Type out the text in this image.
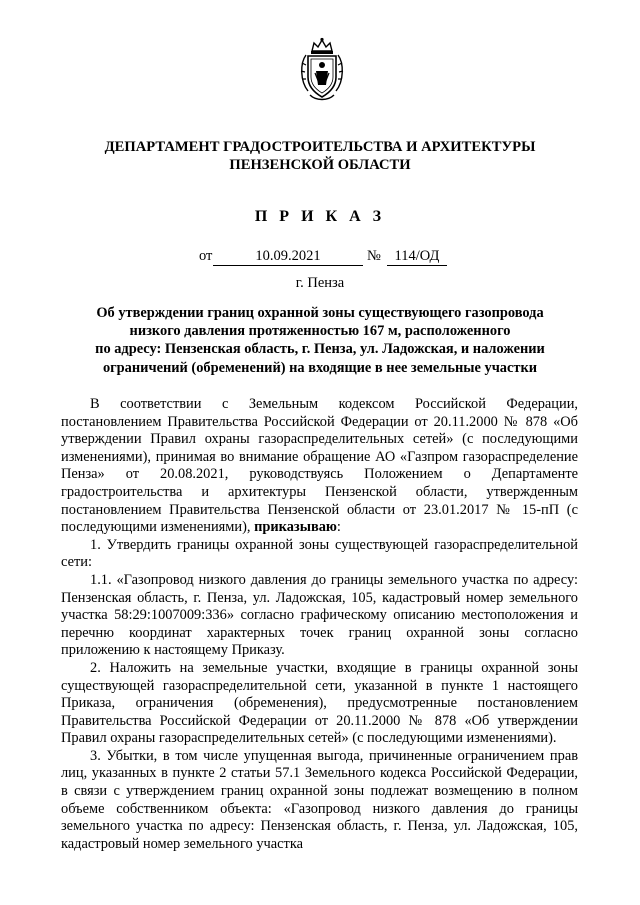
ДЕПАРТАМЕНТ ГРАДОСТРОИТЕЛЬСТВА И АРХИТЕКТУРЫ
ПЕНЗЕНСКОЙ ОБЛАСТИ
П Р И К А З
от	10.09.2021	№ 114/ОД
г. Пенза
Об утверждении границ охранной зоны существующего газопровода
низкого давления протяженностью 167 м, расположенного
по адресу: Пензенская область, г. Пенза, ул. Ладожская, и наложении
ограничений (обременений) на входящие в нее земельные участки

В соответствии с Земельным кодексом Российской Федерации, постановлением Правительства Российской Федерации от 20.11.2000 № 878 «Об утверждении Правил охраны газораспределительных сетей» (с последующими изменениями), принимая во внимание обращение АО «Газпром газораспределение Пенза» от 20.08.2021, руководствуясь Положением о Департаменте градостроительства и архитектуры Пензенской области, утвержденным постановлением Правительства Пензенской области от 23.01.2017 № 15-пП (с последующими изменениями), приказываю:

1. Утвердить границы охранной зоны существующей газораспределительной сети:

1.1. «Газопровод низкого давления до границы земельного участка по адресу: Пензенская область, г. Пенза, ул. Ладожская, 105, кадастровый номер земельного участка 58:29:1007009:336» согласно графическому описанию местоположения и перечню координат характерных точек границ охранной зоны согласно приложению к настоящему Приказу.

2. Наложить на земельные участки, входящие в границы охранной зоны существующей газораспределительной сети, указанной в пункте 1 настоящего Приказа, ограничения (обременения), предусмотренные постановлением Правительства Российской Федерации от 20.11.2000 № 878 «Об утверждении Правил охраны газораспределительных сетей» (с последующими изменениями).

3. Убытки, в том числе упущенная выгода, причиненные ограничением прав лиц, указанных в пункте 2 статьи 57.1 Земельного кодекса Российской Федерации, в связи с утверждением границ охранной зоны подлежат возмещению в полном объеме собственником объекта: «Газопровод низкого давления до границы земельного участка по адресу: Пензенская область, г. Пенза, ул. Ладожская, 105, кадастровый номер земельного участка
